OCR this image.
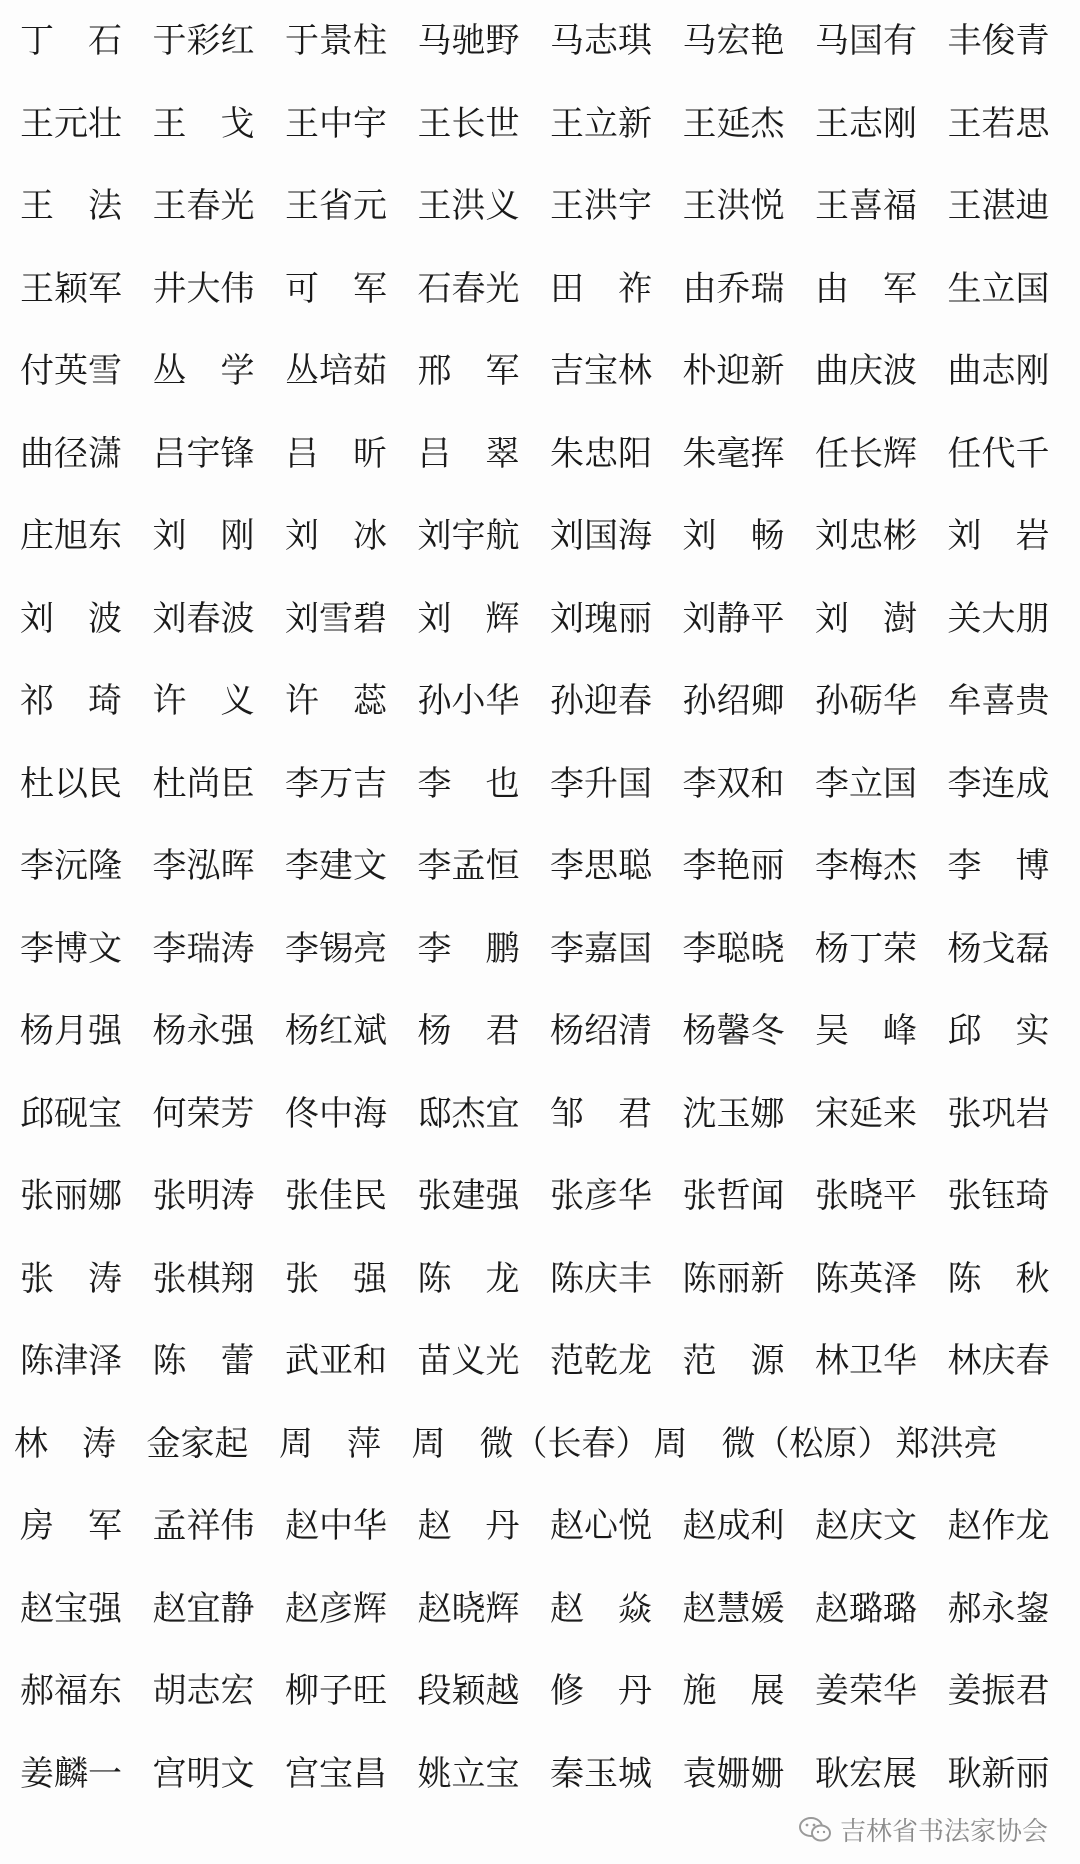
丁　石 于彩红 于景柱 马驰野 马志琪 马宏艳 马国有 丰俊青
王元壮 王　戈 王中宇 王长世 王立新 王延杰 王志刚 王若思
王　法 王春光 王省元 王洪义 王洪宇 王洪悦 王喜福 王湛迪
王颖军 井大伟 可　军 石春光 田　祚 由乔瑞 由　军 生立国
付英雪 丛　学 丛培茹 邢　军 吉宝林 朴迎新 曲庆波 曲志刚
曲径潇 吕宇锋 吕　昕 吕　翠 朱忠阳 朱毫挥 任长辉 任代千
庄旭东 刘　刚 刘　冰 刘宇航 刘国海 刘　畅 刘忠彬 刘　岩
刘　波 刘春波 刘雪碧 刘　辉 刘瑰丽 刘静平 刘　澍 关大朋
祁　琦 许　义 许　蕊 孙小华 孙迎春 孙绍卿 孙砺华 牟喜贵
杜以民 杜尚臣 李万吉 李　也 李升国 李双和 李立国 李连成
李沅隆 李泓晖 李建文 李孟恒 李思聪 李艳丽 李梅杰 李　博
李博文 李瑞涛 李锡亮 李　鹏 李嘉国 李聪晓 杨丁荣 杨戈磊
杨月强 杨永强 杨红斌 杨　君 杨绍清 杨馨冬 吴　峰 邱　实
邱砚宝 何荣芳 佟中海 邸杰宜 邹　君 沈玉娜 宋延来 张巩岩
张丽娜 张明涛 张佳民 张建强 张彦华 张哲闻 张晓平 张钰琦
张　涛 张棋翔 张　强 陈　龙 陈庆丰 陈丽新 陈英泽 陈　秋
陈津泽 陈　蕾 武亚和 苗义光 范乾龙 范　源 林卫华 林庆春
林　涛 金家起 周　萍 周　微（长春） 周　微（松原） 郑洪亮
房　军 孟祥伟 赵中华 赵　丹 赵心悦 赵成利 赵庆文 赵作龙
赵宝强 赵宜静 赵彦辉 赵晓辉 赵　焱 赵慧媛 赵璐璐 郝永鋆
郝福东 胡志宏 柳子旺 段颖越 修　丹 施　展 姜荣华 姜振君
姜麟一 宫明文 宫宝昌 姚立宝 秦玉城 袁姗姗 耿宏展 耿新丽
吉林省书法家协会
